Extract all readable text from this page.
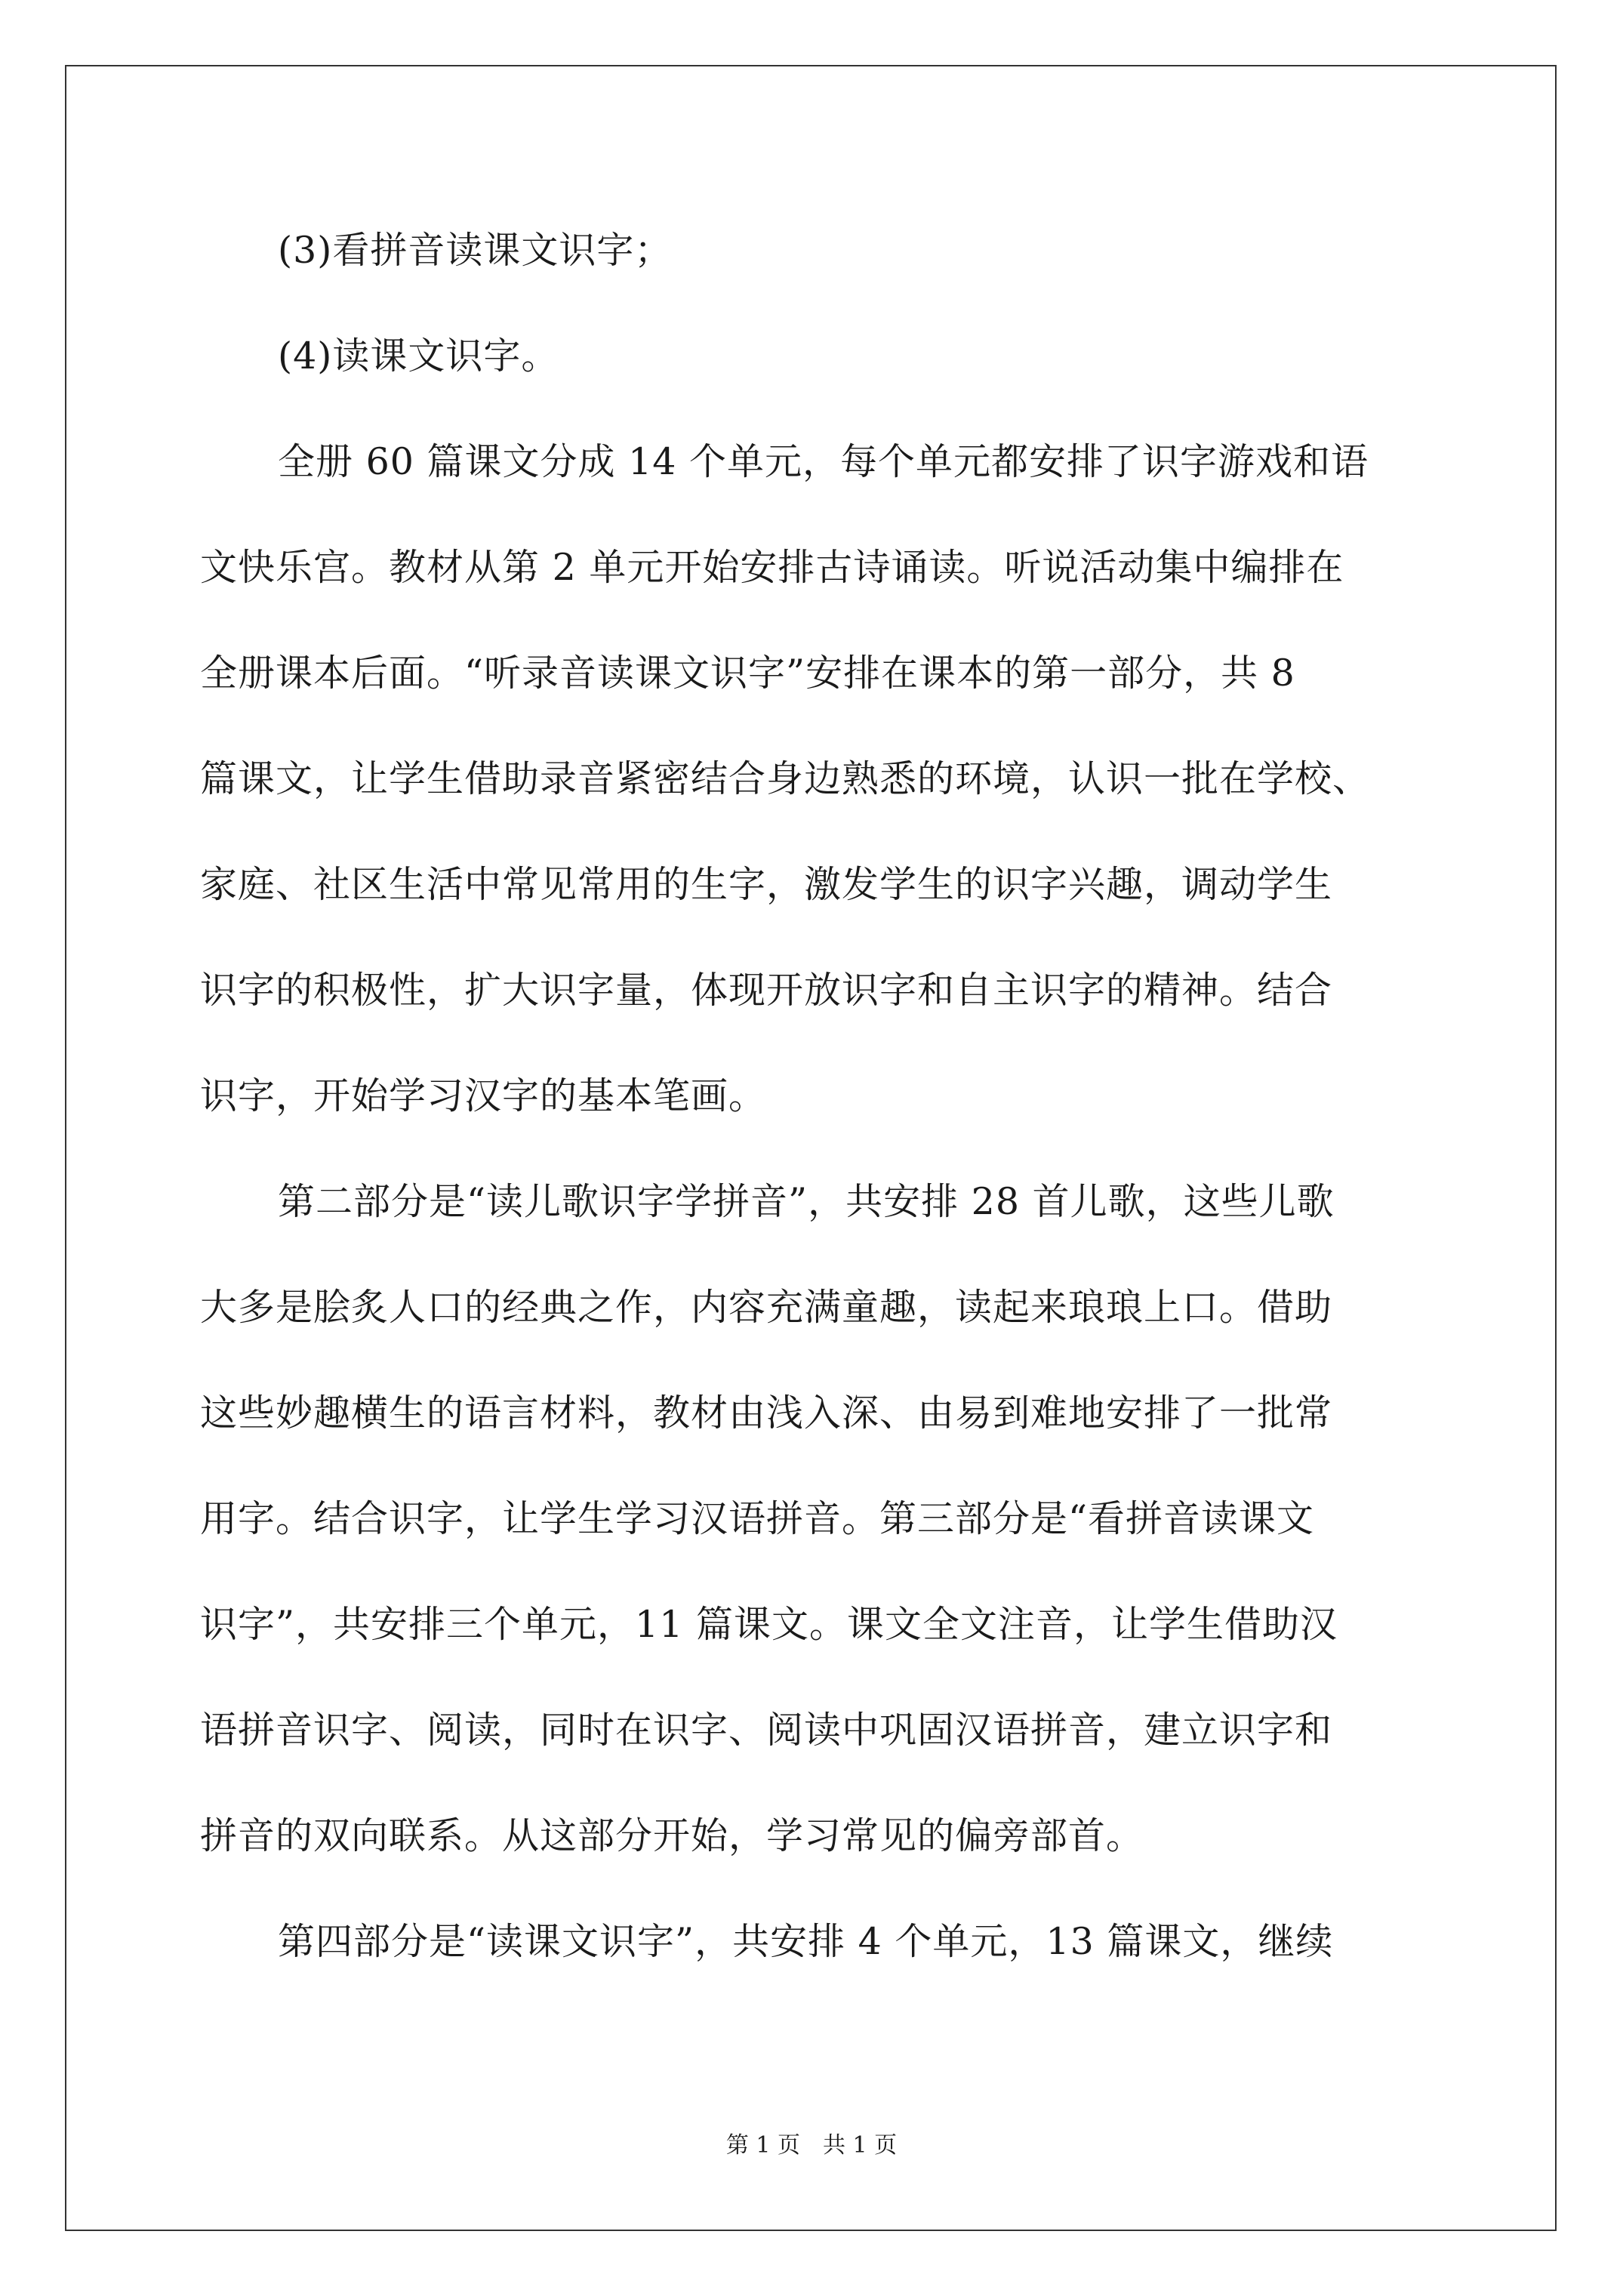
(3)看拼音读课文识字；
(4)读课文识字。
全册 60 篇课文分成 14 个单元，每个单元都安排了识字游戏和语
文快乐宫。教材从第 2 单元开始安排古诗诵读。听说活动集中编排在
全册课本后面。“听录音读课文识字”安排在课本的第一部分，共 8
篇课文，让学生借助录音紧密结合身边熟悉的环境，认识一批在学校、
家庭、社区生活中常见常用的生字，激发学生的识字兴趣，调动学生
识字的积极性，扩大识字量，体现开放识字和自主识字的精神。结合
识字，开始学习汉字的基本笔画。
第二部分是“读儿歌识字学拼音”，共安排 28 首儿歌，这些儿歌
大多是脍炙人口的经典之作，内容充满童趣，读起来琅琅上口。借助
这些妙趣横生的语言材料，教材由浅入深、由易到难地安排了一批常
用字。结合识字，让学生学习汉语拼音。第三部分是“看拼音读课文
识字”，共安排三个单元，11 篇课文。课文全文注音，让学生借助汉
语拼音识字、阅读，同时在识字、阅读中巩固汉语拼音，建立识字和
拼音的双向联系。从这部分开始，学习常见的偏旁部首。
第四部分是“读课文识字”，共安排 4 个单元，13 篇课文，继续
第 1 页　共 1 页
